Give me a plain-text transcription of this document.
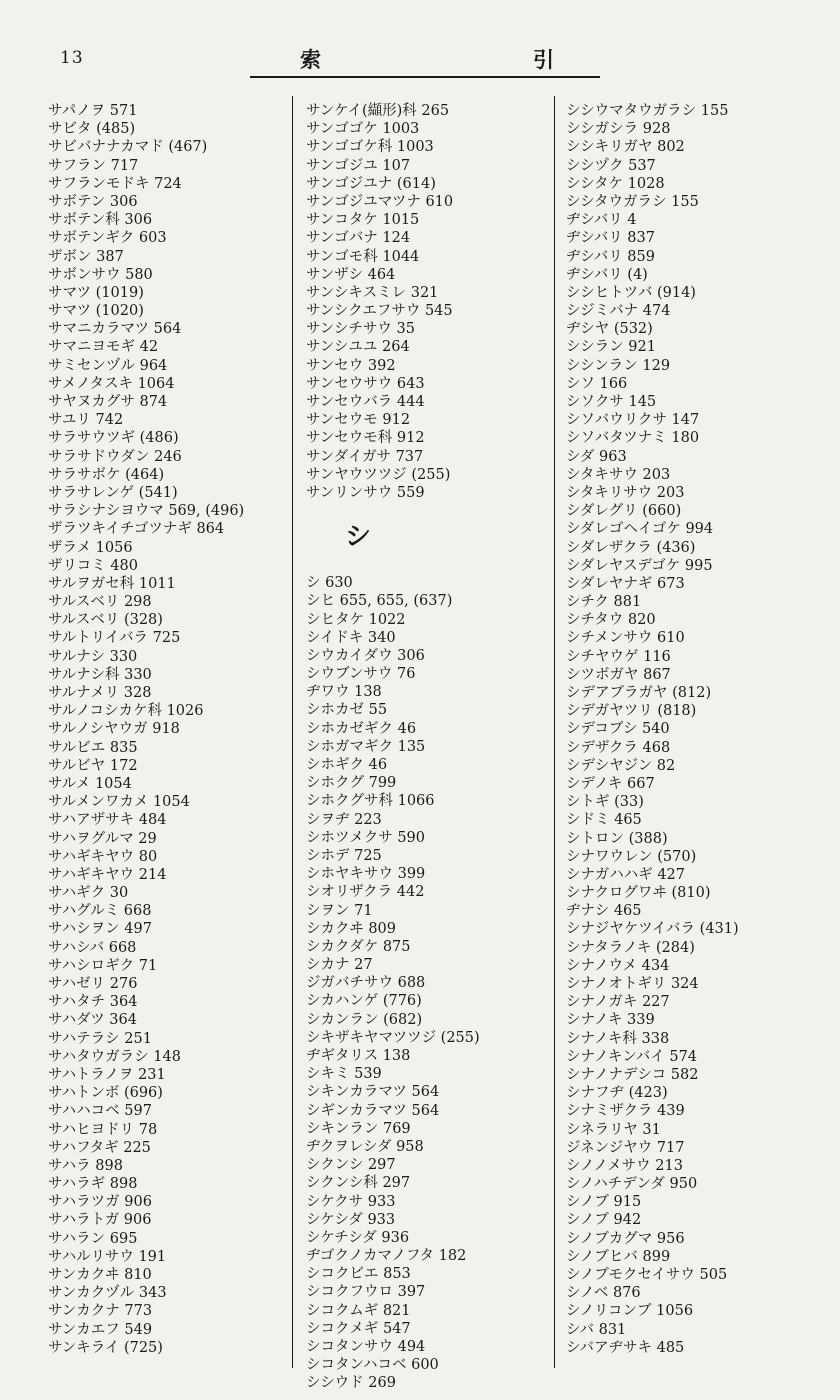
13	索	引
サパノヲ 571
サビタ (485)
サビバナナカマド (467)
サフラン 717
サフランモドキ 724
サボテン 306
サボテン科 306
サボテンギク 603
ザボン 387
サボンサウ 580
サマツ (1019)
サマツ (1020)
サマニカラマツ 564
サマニヨモギ 42
サミセンヅル 964
サメノタスキ 1064
サヤヌカグサ 874
サユリ 742
サラサウツギ (486)
サラサドウダン 246
サラサボケ (464)
サラサレンゲ (541)
サラシナシヨウマ 569, (496)
ザラツキイチゴツナギ 864
ザラメ 1056
ザリコミ 480
サルヲガセ科 1011
サルスベリ 298
サルスベリ (328)
サルトリイバラ 725
サルナシ 330
サルナシ科 330
サルナメリ 328
サルノコシカケ科 1026
サルノシヤウガ 918
サルビエ 835
サルビヤ 172
サルメ 1054
サルメンワカメ 1054
サハアザサキ 484
サハヲグルマ 29
サハギキヤウ 80
サハギキヤウ 214
サハギク 30
サハグルミ 668
サハシヲン 497
サハシバ 668
サハシロギク 71
サハゼリ 276
サハタチ 364
サハダツ 364
サハテラシ 251
サハタウガラシ 148
サハトラノヲ 231
サハトンボ (696)
サハハコベ 597
サハヒヨドリ 78
サハフタギ 225
サハラ 898
サハラギ 898
サハラツガ 906
サハラトガ 906
サハラン 695
サハルリサウ 191
サンカクヰ 810
サンカクヅル 343
サンカクナ 773
サンカエフ 549
サンキライ (725)
サンケイ(纈形)科 265
サンゴゴケ 1003
サンゴゴケ科 1003
サンゴジユ 107
サンゴジユナ (614)
サンゴジユマツナ 610
サンコタケ 1015
サンゴバナ 124
サンゴモ科 1044
サンザシ 464
サンシキスミレ 321
サンシクエフサウ 545
サンシチサウ 35
サンシユユ 264
サンセウ 392
サンセウサウ 643
サンセウバラ 444
サンセウモ 912
サンセウモ科 912
サンダイガサ 737
サンヤウツツジ (255)
サンリンサウ 559
シ
シ 630
シヒ 655, 655, (637)
シヒタケ 1022
シイドキ 340
シウカイダウ 306
シウブンサウ 76
ヂワウ 138
シホカゼ 55
シホカゼギク 46
シホガマギク 135
シホギク 46
シホクグ 799
シホクグサ科 1066
シヲヂ 223
シホツメクサ 590
シホデ 725
シホヤキサウ 399
シオリザクラ 442
シヲン 71
シカクヰ 809
シカクダケ 875
シカナ 27
ジガバチサウ 688
シカハンゲ (776)
シカンラン (682)
シキザキヤマツツジ (255)
ヂギタリス 138
シキミ 539
シキンカラマツ 564
シギンカラマツ 564
シキンラン 769
ヂクヲレシダ 958
シクンシ 297
シクンシ科 297
シケクサ 933
シケシダ 933
シケチシダ 936
ヂゴクノカマノフタ 182
シコクビエ 853
シコクフウロ 397
シコクムギ 821
シコクメギ 547
シコタンサウ 494
シコタンハコベ 600
シシウド 269
シシウマタウガラシ 155
シシガシラ 928
シシキリガヤ 802
シシヅク 537
シシタケ 1028
シシタウガラシ 155
ヂシバリ 4
ヂシバリ 837
ヂシバリ 859
ヂシバリ (4)
シシヒトツバ (914)
シジミバナ 474
ヂシヤ (532)
シシラン 921
シシンラン 129
シソ 166
シソクサ 145
シソバウリクサ 147
シソバタツナミ 180
シダ 963
シタキサウ 203
シタキリサウ 203
シダレグリ (660)
シダレゴヘイゴケ 994
シダレザクラ (436)
シダレヤスデゴケ 995
シダレヤナギ 673
シチク 881
シチタウ 820
シチメンサウ 610
シチヤウゲ 116
シツボガヤ 867
シデアブラガヤ (812)
シデガヤツリ (818)
シデコブシ 540
シデザクラ 468
シデシヤジン 82
シデノキ 667
シトギ (33)
シドミ 465
シトロン (388)
シナワウレン (570)
シナガハハギ 427
シナクログワヰ (810)
ヂナシ 465
シナジヤケツイバラ (431)
シナタラノキ (284)
シナノウメ 434
シナノオトギリ 324
シナノガキ 227
シナノキ 339
シナノキ科 338
シナノキンバイ 574
シナノナデシコ 582
シナフヂ (423)
シナミザクラ 439
シネラリヤ 31
ジネンジヤウ 717
シノノメサウ 213
シノハチデンダ 950
シノブ 915
シノブ 942
シノブカグマ 956
シノブヒバ 899
シノブモクセイサウ 505
シノベ 876
シノリコンブ 1056
シバ 831
シバアヂサキ 485
